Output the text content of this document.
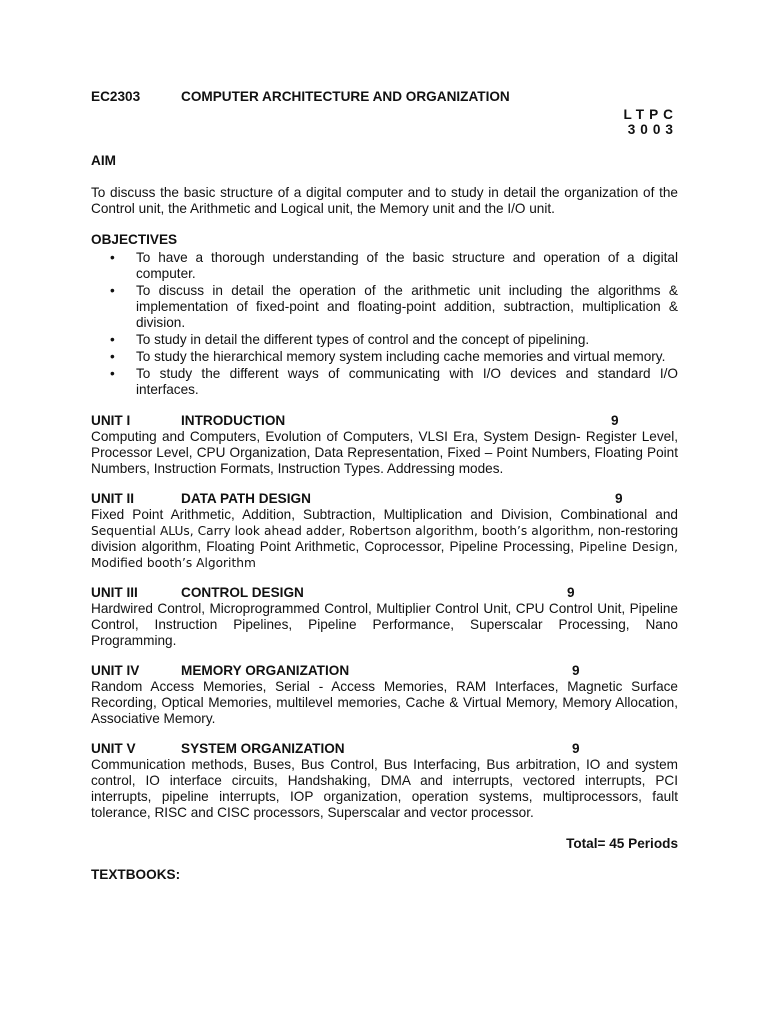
EC2303	COMPUTER ARCHITECTURE AND ORGANIZATION
LTPC
3003

AIM

To discuss the basic structure of a digital computer and to study in detail the organization of the Control unit, the Arithmetic and Logical unit, the Memory unit and the I/O unit.

OBJECTIVES

• To have a thorough understanding of the basic structure and operation of a digital computer.
• To discuss in detail the operation of the arithmetic unit including the algorithms & implementation of fixed-point and floating-point addition, subtraction, multiplication & division.
• To study in detail the different types of control and the concept of pipelining.
• To study the hierarchical memory system including cache memories and virtual memory.
• To study the different ways of communicating with I/O devices and standard I/O interfaces.
UNIT I	INTRODUCTION	9

Computing and Computers, Evolution of Computers, VLSI Era, System Design- Register Level, Processor Level, CPU Organization, Data Representation, Fixed – Point Numbers, Floating Point Numbers, Instruction Formats, Instruction Types. Addressing modes.

UNIT II	DATA PATH DESIGN	9

Fixed Point Arithmetic, Addition, Subtraction, Multiplication and Division, Combinational and Sequential ALUs, Carry look ahead adder, Robertson algorithm, booth’s algorithm, non-restoring division algorithm, Floating Point Arithmetic, Coprocessor, Pipeline Processing, Pipeline Design, Modified booth’s Algorithm

UNIT III	CONTROL DESIGN	9

Hardwired Control, Microprogrammed Control, Multiplier Control Unit, CPU Control Unit, Pipeline Control, Instruction Pipelines, Pipeline Performance, Superscalar Processing, Nano Programming.

UNIT IV	MEMORY ORGANIZATION	9

Random Access Memories, Serial - Access Memories, RAM Interfaces, Magnetic Surface Recording, Optical Memories, multilevel memories, Cache & Virtual Memory, Memory Allocation, Associative Memory.

UNIT V	SYSTEM ORGANIZATION	9

Communication methods, Buses, Bus Control, Bus Interfacing, Bus arbitration, IO and system control, IO interface circuits, Handshaking, DMA and interrupts, vectored interrupts, PCI interrupts, pipeline interrupts, IOP organization, operation systems, multiprocessors, fault tolerance, RISC and CISC processors, Superscalar and vector processor.

Total= 45 Periods

TEXTBOOKS:
